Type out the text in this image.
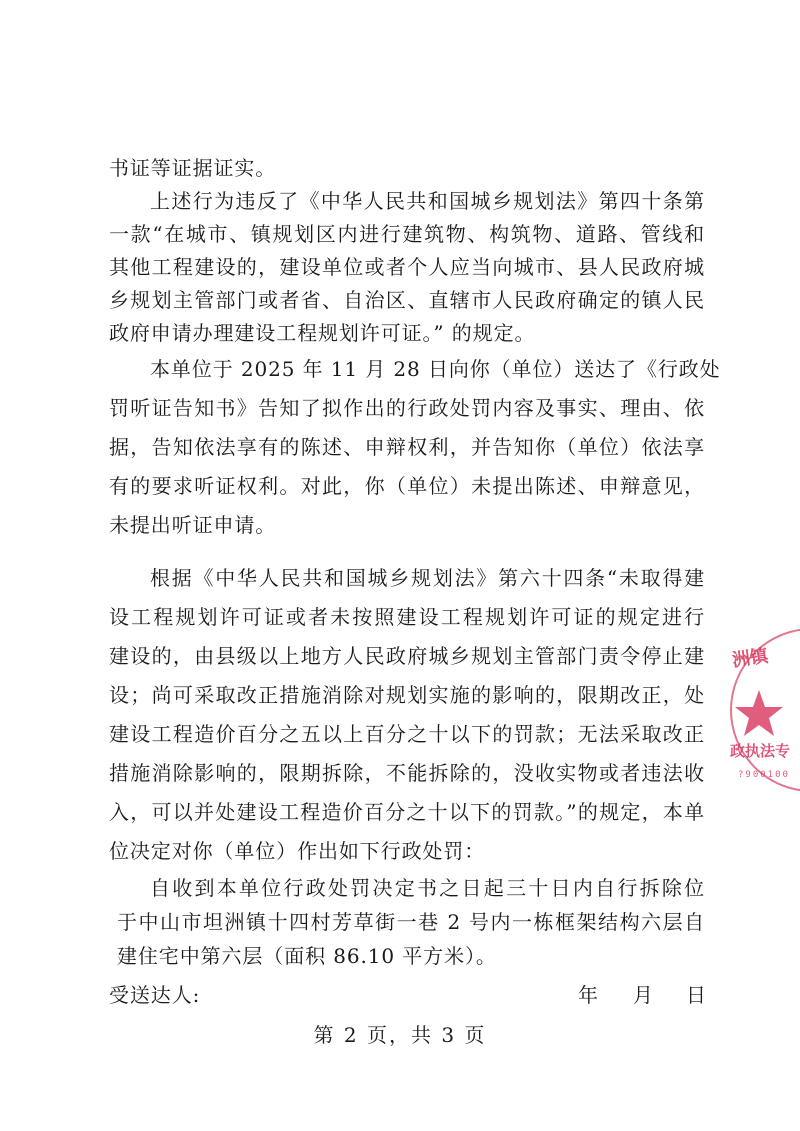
书证等证据证实。
上述行为违反了《中华人民共和国城乡规划法》第四十条第
一款“在城市、镇规划区内进行建筑物、构筑物、道路、管线和
其他工程建设的，建设单位或者个人应当向城市、县人民政府城
乡规划主管部门或者省、自治区、直辖市人民政府确定的镇人民
政府申请办理建设工程规划许可证。” 的规定。
本单位于 2025 年 11 月 28 日向你（单位）送达了《行政处
罚听证告知书》告知了拟作出的行政处罚内容及事实、理由、依
据，告知依法享有的陈述、申辩权利，并告知你（单位）依法享
有的要求听证权利。对此，你（单位）未提出陈述、申辩意见，
未提出听证申请。
根据《中华人民共和国城乡规划法》第六十四条“未取得建
设工程规划许可证或者未按照建设工程规划许可证的规定进行
建设的，由县级以上地方人民政府城乡规划主管部门责令停止建
设；尚可采取改正措施消除对规划实施的影响的，限期改正，处
建设工程造价百分之五以上百分之十以下的罚款；无法采取改正
措施消除影响的，限期拆除，不能拆除的，没收实物或者违法收
入，可以并处建设工程造价百分之十以下的罚款。”的规定，本单
位决定对你（单位）作出如下行政处罚：
自收到本单位行政处罚决定书之日起三十日内自行拆除位
于中山市坦洲镇十四村芳草街一巷 2 号内一栋框架结构六层自
建住宅中第六层（面积 86.10 平方米）。
受送达人:	年 月 日
第 2 页，共 3 页
洲镇
政执法专
?900100
